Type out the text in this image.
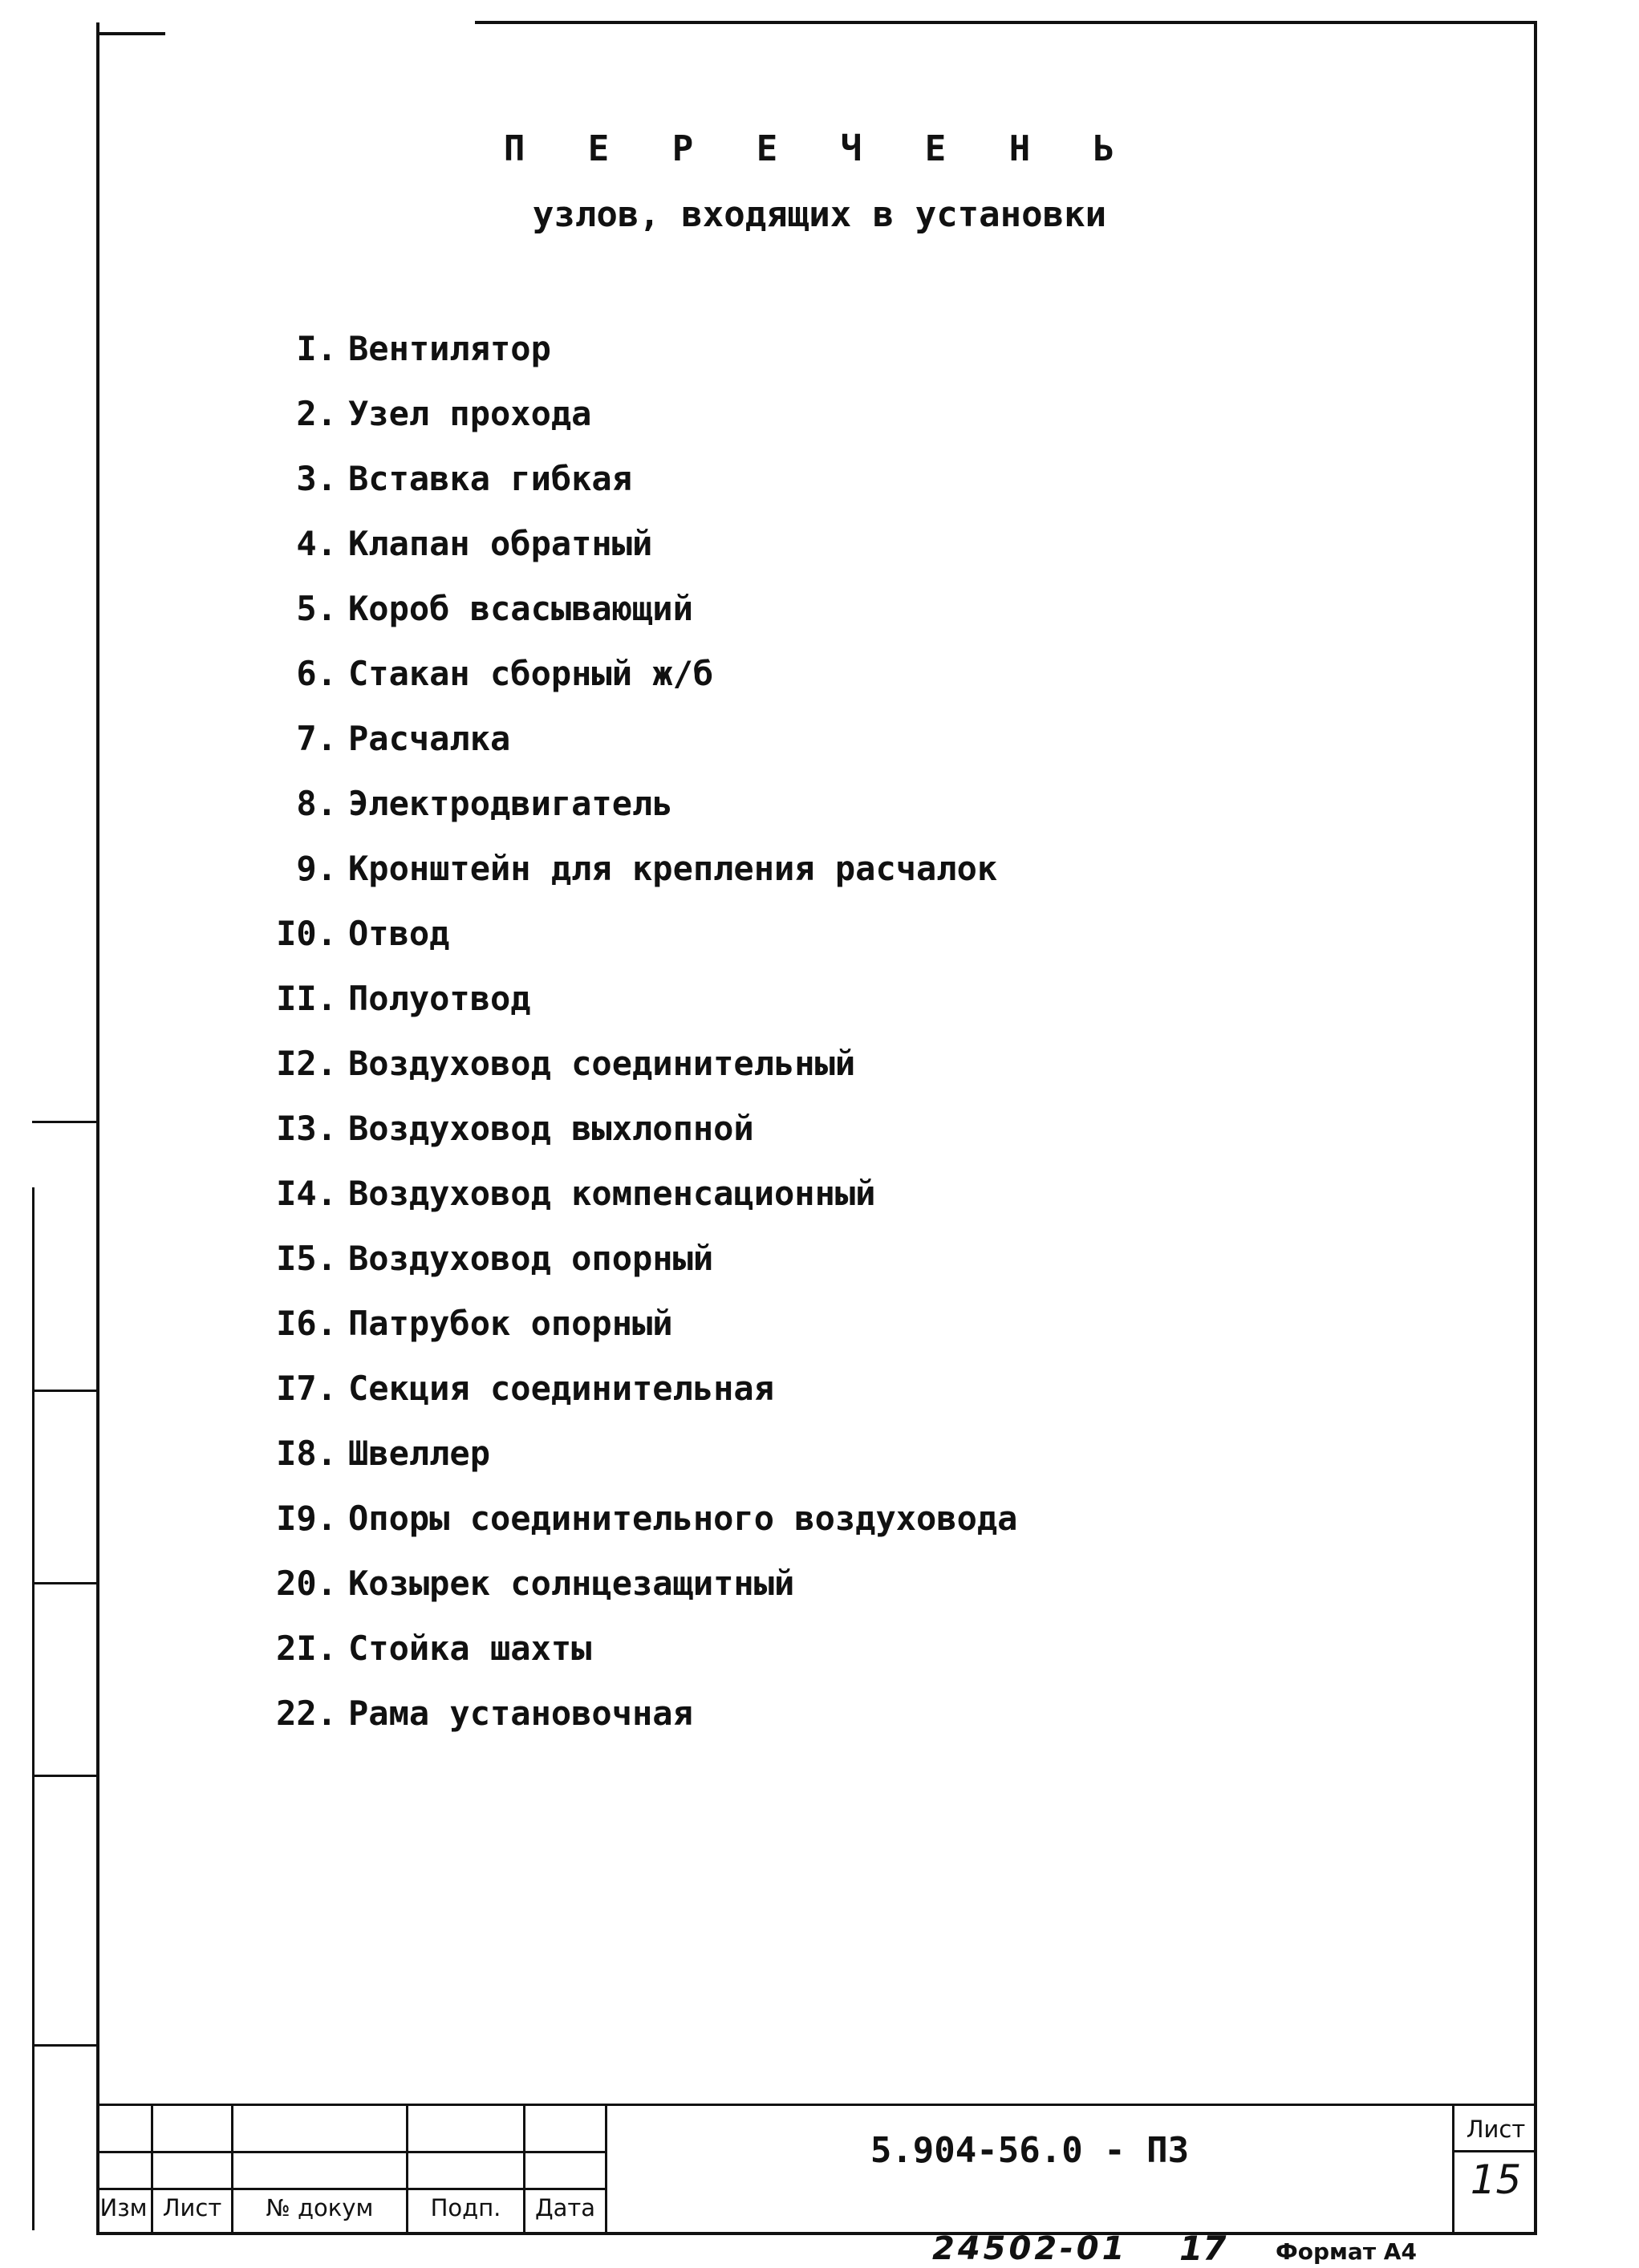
П Е Р Е Ч Е Н Ь
узлов, входящих в установки
I. Вентилятор
2. Узел прохода
3. Вставка гибкая
4. Клапан обратный
5. Короб всасывающий
6. Стакан сборный ж/б
7. Расчалка
8. Электродвигатель
9. Кронштейн для крепления расчалок
I0. Отвод
II. Полуотвод
I2. Воздуховод соединительный
I3. Воздуховод выхлопной
I4. Воздуховод компенсационный
I5. Воздуховод опорный
I6. Патрубок опорный
I7. Секция соединительная
I8. Швеллер
I9. Опоры соединительного воздуховода
20. Козырек солнцезащитный
2I. Стойка шахты
22. Рама установочная
Изм Лист	№ докум	Подп.	Дата
5.904-56.0 - ПЗ
Лист
15
24502-01 17 Формат А4
